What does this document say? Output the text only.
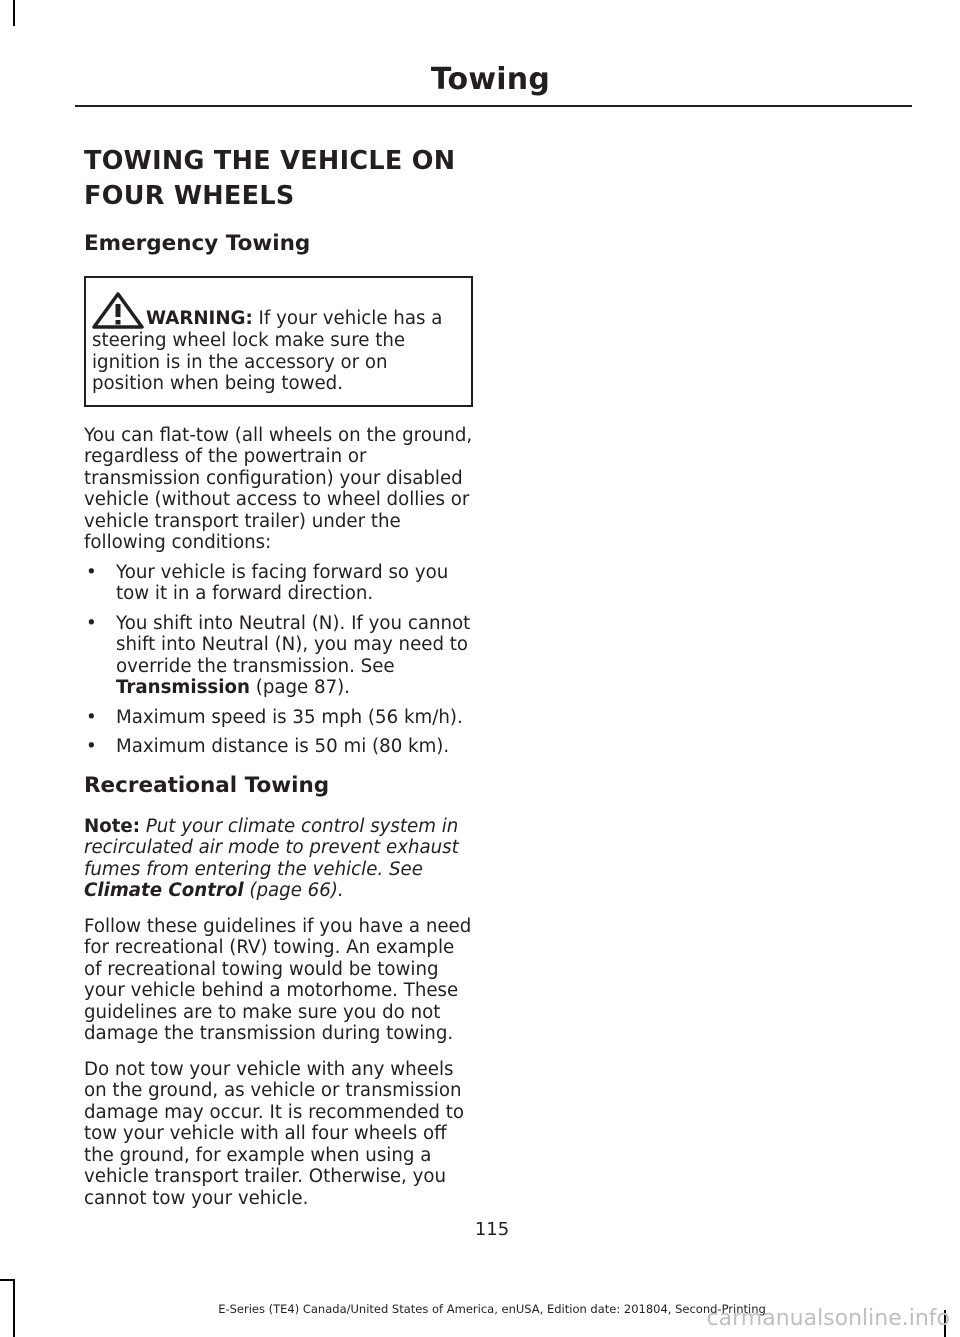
Towing
TOWING THE VEHICLE ON
FOUR WHEELS
Emergency Towing
WARNING: If your vehicle has a

steering wheel lock make sure the ignition is in the accessory or on position when being towed.

You can flat-tow (all wheels on the ground, regardless of the powertrain or transmission configuration) your disabled vehicle (without access to wheel dollies or vehicle transport trailer) under the following conditions:

• Your vehicle is facing forward so you tow it in a forward direction.
• You shift into Neutral (N). If you cannot shift into Neutral (N), you may need to override the transmission. See Transmission (page 87).
• Maximum speed is 35 mph (56 km/h).
• Maximum distance is 50 mi (80 km).
Recreational Towing

Note: Put your climate control system in recirculated air mode to prevent exhaust fumes from entering the vehicle. See Climate Control (page 66).

Follow these guidelines if you have a need for recreational (RV) towing. An example of recreational towing would be towing your vehicle behind a motorhome. These guidelines are to make sure you do not damage the transmission during towing.

Do not tow your vehicle with any wheels on the ground, as vehicle or transmission damage may occur. It is recommended to tow your vehicle with all four wheels off the ground, for example when using a vehicle transport trailer. Otherwise, you cannot tow your vehicle.

115
E-Series (TE4) Canada/United States of America, enUSA, Edition date: 201804, Second-Printing
carmanualsonline.info
